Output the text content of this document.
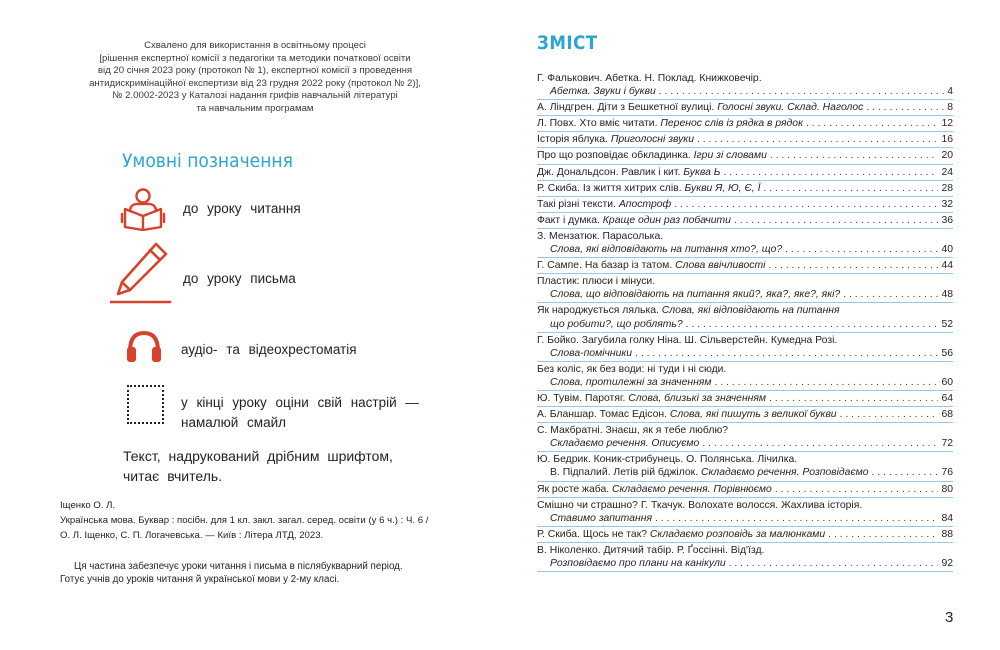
Схвалено для використання в освітньому процесі
[рішення експертної комісії з педагогіки та методики початкової освіти
від 20 січня 2023 року (протокол № 1), експертної комісії з проведення
антидискримінаційної експертизи від 23 грудня 2022 року (протокол № 2)],
№ 2.0002-2023 у Каталозі надання грифів навчальній літературі
та навчальним програмам
Умовні позначення
до уроку читання
до уроку письма
аудіо- та відеохрестоматія
у кінці уроку оціни свій настрій —
намалюй смайл
Текст, надрукований дрібним шрифтом,
читає вчитель.
Іщенко О. Л.
Українська мова. Буквар : посібн. для 1 кл. закл. загал. серед. освіти (у 6 ч.) : Ч. 6 /
О. Л. Іщенко, С. П. Логачевська. — Київ : Літера ЛТД, 2023.
Ця частина забезпечує уроки читання і письма в післябукварний період.
Готує учнів до уроків читання й української мови у 2-му класі.
ЗМІСТ
Г. Фалькович. Абетка. Н. Поклад. Книжковечір.
Абетка. Звуки і букви . . .	4
А. Ліндгрен. Діти з Бешкетної вулиці. Голосні звуки. Склад. Наголос . . .	8
Л. Повх. Хто вміє читати. Перенос слів із рядка в рядок . . .	12
Історія яблука. Приголосні звуки . . .	16
Про що розповідає обкладинка. Ігри зі словами . . .	20
Дж. Дональдсон. Равлик і кит. Буква Ь . . .	24
Р. Скиба. Із життя хитрих слів. Букви Я, Ю, Є, Ї . . .	28
Такі різні тексти. Апостроф . . .	32
Факт і думка. Краще один раз побачити . . .	36
З. Мензатюк. Парасолька.
Слова, які відповідають на питання хто?, що? . . .	40
Г. Сампе. На базар із татом. Слова ввічливості . . .	44
Пластик: плюси і мінуси.
Слова, що відповідають на питання який?, яка?, яке?, які? . . .	48
Як народжується лялька. Слова, які відповідають на питання
що робити?, що роблять? . . .	52
Г. Бойко. Загубила голку Ніна. Ш. Сільверстейн. Кумедна Розі.
Слова-помічники . . .	56
Без коліс, як без води: ні туди і ні сюди.
Слова, протилежні за значенням . . .	60
Ю. Тувім. Паротяг. Слова, близькі за значенням . . .	64
А. Бланшар. Томас Едісон. Слова, які пишуть з великої букви . . .	68
С. Макбратні. Знаєш, як я тебе люблю?
Складаємо речення. Описуємо . . .	72
Ю. Бедрик. Коник-стрибунець. О. Полянська. Лічилка.
В. Підпалий. Летів рій бджілок. Складаємо речення. Розповідаємо . . .	76
Як росте жаба. Складаємо речення. Порівнюємо . . .	80
Смішно чи страшно? Г. Ткачук. Волохате волосся. Жахлива історія.
Ставимо запитання . . .	84
Р. Скиба. Щось не так? Складаємо розповідь за малюнками . . .	88
В. Ніколенко. Дитячий табір. Р. Ґоссінні. Від'їзд.
Розповідаємо про плани на канікули . . .	92
3
